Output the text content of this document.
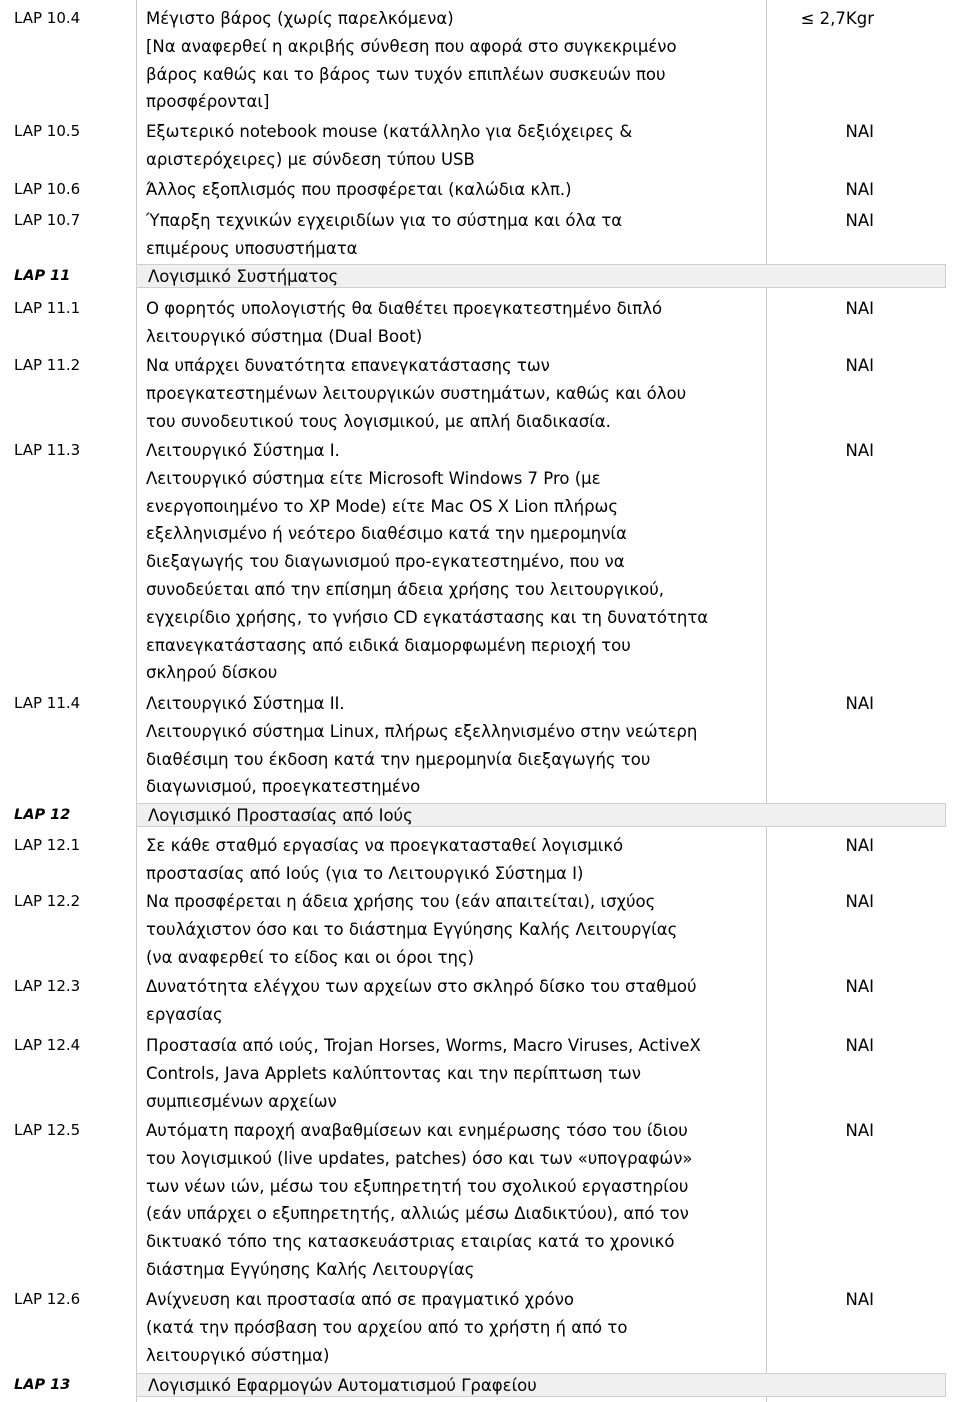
LAP 10.4	Μέγιστο βάρος (χωρίς παρελκόμενα)
[Να αναφερθεί η ακριβής σύνθεση που αφορά στο συγκεκριμένο
βάρος καθώς και το βάρος των τυχόν επιπλέων συσκευών που
προσφέρονται]
≤ 2,7Kgr
LAP 10.5	Εξωτερικό notebook mouse (κατάλληλο για δεξιόχειρες &
αριστερόχειρες) με σύνδεση τύπου USB
ΝΑΙ
LAP 10.6	Άλλος εξοπλισμός που προσφέρεται (καλώδια κλπ.)	ΝΑΙ
LAP 10.7	Ύπαρξη τεχνικών εγχειριδίων για το σύστημα και όλα τα
επιμέρους υποσυστήματα
ΝΑΙ
LAP 11	Λογισμικό Συστήματος
LAP 11.1	Ο φορητός υπολογιστής θα διαθέτει προεγκατεστημένο διπλό
λειτουργικό σύστημα (Dual Boot)
ΝΑΙ
LAP 11.2	Να υπάρχει δυνατότητα επανεγκατάστασης των
προεγκατεστημένων λειτουργικών συστημάτων, καθώς και όλου
του συνοδευτικού τους λογισμικού, με απλή διαδικασία.
ΝΑΙ
LAP 11.3	Λειτουργικό Σύστημα Ι.
Λειτουργικό σύστημα είτε Microsoft Windows 7 Pro (με
ενεργοποιημένο το XP Mode) είτε Mac OS X Lion πλήρως
εξελληνισμένο ή νεότερο διαθέσιμο κατά την ημερομηνία
διεξαγωγής του διαγωνισμού προ-εγκατεστημένο, που να
συνοδεύεται από την επίσημη άδεια χρήσης του λειτουργικού,
εγχειρίδιο χρήσης, το γνήσιο CD εγκατάστασης και τη δυνατότητα
επανεγκατάστασης από ειδικά διαμορφωμένη περιοχή του
σκληρού δίσκου
ΝΑΙ
LAP 11.4	Λειτουργικό Σύστημα ΙΙ.
Λειτουργικό σύστημα Linux, πλήρως εξελληνισμένο στην νεώτερη
διαθέσιμη του έκδοση κατά την ημερομηνία διεξαγωγής του
διαγωνισμού, προεγκατεστημένο
ΝΑΙ
LAP 12	Λογισμικό Προστασίας από Ιούς
LAP 12.1	Σε κάθε σταθμό εργασίας να προεγκατασταθεί λογισμικό
προστασίας από Ιούς (για το Λειτουργικό Σύστημα Ι)
ΝΑΙ
LAP 12.2	Να προσφέρεται η άδεια χρήσης του (εάν απαιτείται), ισχύος
τουλάχιστον όσο και το διάστημα Εγγύησης Καλής Λειτουργίας
(να αναφερθεί το είδος και οι όροι της)
ΝΑΙ
LAP 12.3	Δυνατότητα ελέγχου των αρχείων στο σκληρό δίσκο του σταθμού
εργασίας
ΝΑΙ
LAP 12.4	Προστασία από ιούς, Trojan Horses, Worms, Macro Viruses, ActiveX
Controls, Java Applets καλύπτοντας και την περίπτωση των
συμπιεσμένων αρχείων
ΝΑΙ
LAP 12.5	Αυτόματη παροχή αναβαθμίσεων και ενημέρωσης τόσο του ίδιου
του λογισμικού (live updates, patches) όσο και των «υπογραφών»
των νέων ιών, μέσω του εξυπηρετητή του σχολικού εργαστηρίου
(εάν υπάρχει ο εξυπηρετητής, αλλιώς μέσω Διαδικτύου), από τον
δικτυακό τόπο της κατασκευάστριας εταιρίας κατά το χρονικό
διάστημα Εγγύησης Καλής Λειτουργίας
ΝΑΙ
LAP 12.6	Ανίχνευση και προστασία από σε πραγματικό χρόνο
(κατά την πρόσβαση του αρχείου από το χρήστη ή από το
λειτουργικό σύστημα)
ΝΑΙ
LAP 13	Λογισμικό Εφαρμογών Αυτοματισμού Γραφείου
